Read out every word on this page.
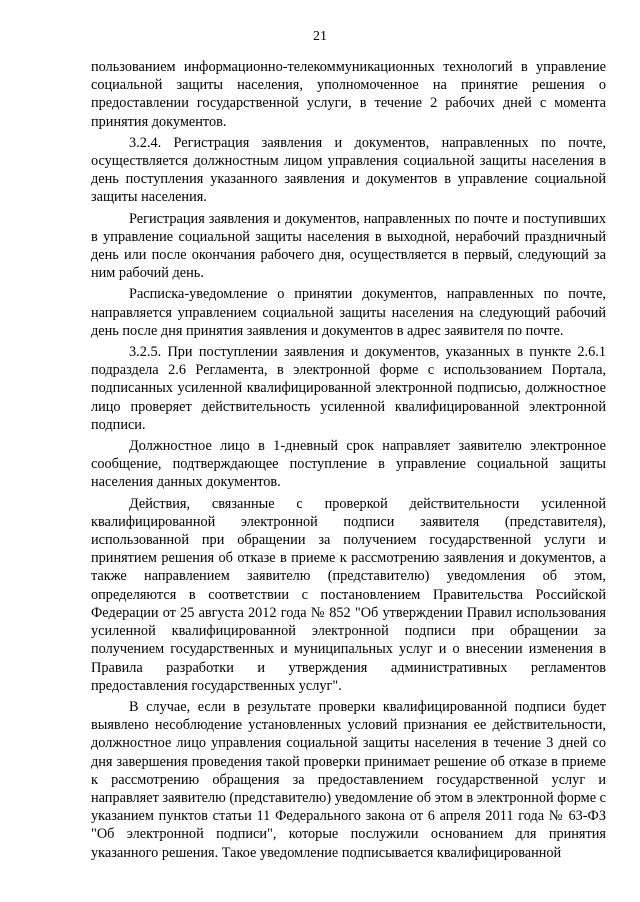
21

пользованием информационно-телекоммуникационных технологий в управление социальной защиты населения, уполномоченное на принятие решения о предоставлении государственной услуги, в течение 2 рабочих дней с момента принятия документов.

3.2.4. Регистрация заявления и документов, направленных по почте, осуществляется должностным лицом управления социальной защиты населения в день поступления указанного заявления и документов в управление социальной защиты населения.

Регистрация заявления и документов, направленных по почте и поступивших в управление социальной защиты населения в выходной, нерабочий праздничный день или после окончания рабочего дня, осуществляется в первый, следующий за ним рабочий день.

Расписка-уведомление о принятии документов, направленных по почте, направляется управлением социальной защиты населения на следующий рабочий день после дня принятия заявления и документов в адрес заявителя по почте.

3.2.5. При поступлении заявления и документов, указанных в пункте 2.6.1 подраздела 2.6 Регламента, в электронной форме с использованием Портала, подписанных усиленной квалифицированной электронной подписью, должностное лицо проверяет действительность усиленной квалифицированной электронной подписи.

Должностное лицо в 1-дневный срок направляет заявителю электронное сообщение, подтверждающее поступление в управление социальной защиты населения данных документов.

Действия, связанные с проверкой действительности усиленной квалифицированной электронной подписи заявителя (представителя), использованной при обращении за получением государственной услуги и принятием решения об отказе в приеме к рассмотрению заявления и документов, а также направлением заявителю (представителю) уведомления об этом, определяются в соответствии с постановлением Правительства Российской Федерации от 25 августа 2012 года № 852 "Об утверждении Правил использования усиленной квалифицированной электронной подписи при обращении за получением государственных и муниципальных услуг и о внесении изменения в Правила разработки и утверждения административных регламентов предоставления государственных услуг".

В случае, если в результате проверки квалифицированной подписи будет выявлено несоблюдение установленных условий признания ее действительности, должностное лицо управления социальной защиты населения в течение 3 дней со дня завершения проведения такой проверки принимает решение об отказе в приеме к рассмотрению обращения за предоставлением государственной услуг и направляет заявителю (представителю) уведомление об этом в электронной форме с указанием пунктов статьи 11 Федерального закона от 6 апреля 2011 года № 63-ФЗ "Об электронной подписи", которые послужили основанием для принятия указанного решения. Такое уведомление подписывается квалифицированной
